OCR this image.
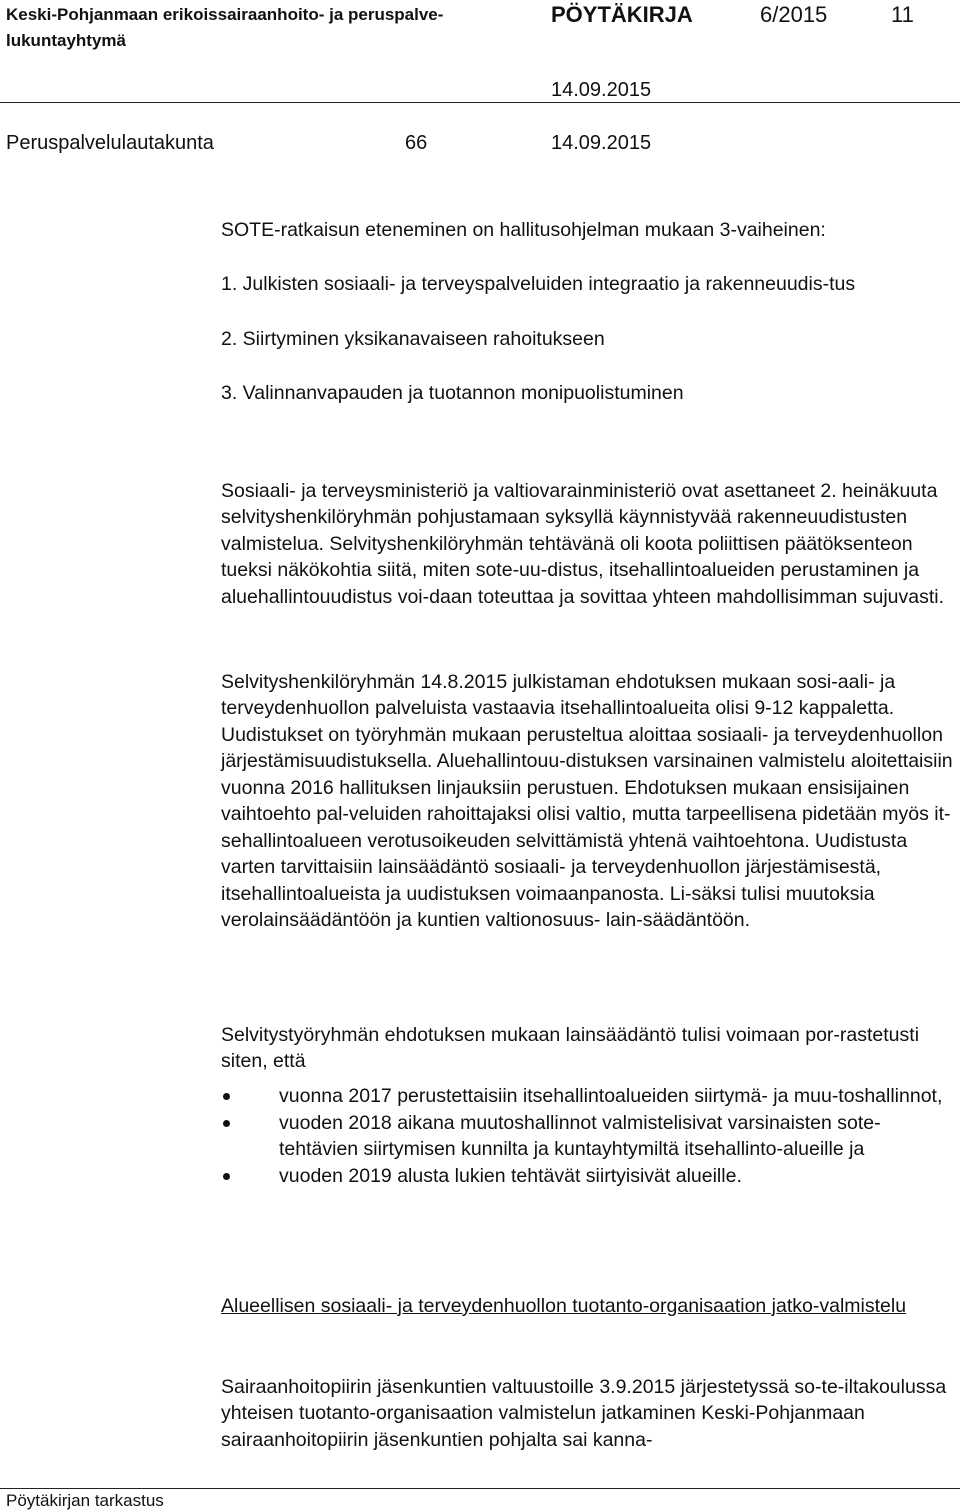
Keski-Pohjanmaan erikoissairaanhoito- ja peruspalve-lukuntayhtymä
PÖYTÄKIRJA	6/2015	11
14.09.2015
Peruspalvelulautakunta	66	14.09.2015
SOTE-ratkaisun eteneminen on hallitusohjelman mukaan 3-vaiheinen:

1. Julkisten sosiaali- ja terveyspalveluiden integraatio ja rakenneuudis-tus

2. Siirtyminen yksikanavaiseen rahoitukseen

3. Valinnanvapauden ja tuotannon monipuolistuminen

Sosiaali- ja terveysministeriö ja valtiovarainministeriö ovat asettaneet 2. heinäkuuta selvityshenkilöryhmän pohjustamaan syksyllä käynnistyvää rakenneuudistusten valmistelua. Selvityshenkilöryhmän tehtävänä oli koota poliittisen päätöksenteon tueksi näkökohtia siitä, miten sote-uu-distus, itsehallintoalueiden perustaminen ja aluehallintouudistus voi-daan toteuttaa ja sovittaa yhteen mahdollisimman sujuvasti.

Selvityshenkilöryhmän 14.8.2015 julkistaman ehdotuksen mukaan sosi-aali- ja terveydenhuollon palveluista vastaavia itsehallintoalueita olisi 9-12 kappaletta. Uudistukset on työryhmän mukaan perusteltua aloittaa sosiaali- ja terveydenhuollon järjestämisuudistuksella. Aluehallintouu-distuksen varsinainen valmistelu aloitettaisiin vuonna 2016 hallituksen linjauksiin perustuen. Ehdotuksen mukaan ensisijainen vaihtoehto pal-veluiden rahoittajaksi olisi valtio, mutta tarpeellisena pidetään myös it-sehallintoalueen verotusoikeuden selvittämistä yhtenä vaihtoehtona. Uudistusta varten tarvittaisiin lainsäädäntö sosiaali- ja terveydenhuollon järjestämisestä, itsehallintoalueista ja uudistuksen voimaanpanosta. Li-säksi tulisi muutoksia verolainsäädäntöön ja kuntien valtionosuus- lain-säädäntöön.

Selvitystyöryhmän ehdotuksen mukaan lainsäädäntö tulisi voimaan por-rastetusti siten, että

vuonna 2017 perustettaisiin itsehallintoalueiden siirtymä- ja muu-toshallinnot,
vuoden 2018 aikana muutoshallinnot valmistelisivat varsinaisten sote-tehtävien siirtymisen kunnilta ja kuntayhtymiltä itsehallinto-alueille ja
vuoden 2019 alusta lukien tehtävät siirtyisivät alueille.

Alueellisen sosiaali- ja terveydenhuollon tuotanto-organisaation jatko-valmistelu

Sairaanhoitopiirin jäsenkuntien valtuustoille 3.9.2015 järjestetyssä so-te-iltakoulussa yhteisen tuotanto-organisaation valmistelun jatkaminen Keski-Pohjanmaan sairaanhoitopiirin jäsenkuntien pohjalta sai kanna-

Pöytäkirjan tarkastus
